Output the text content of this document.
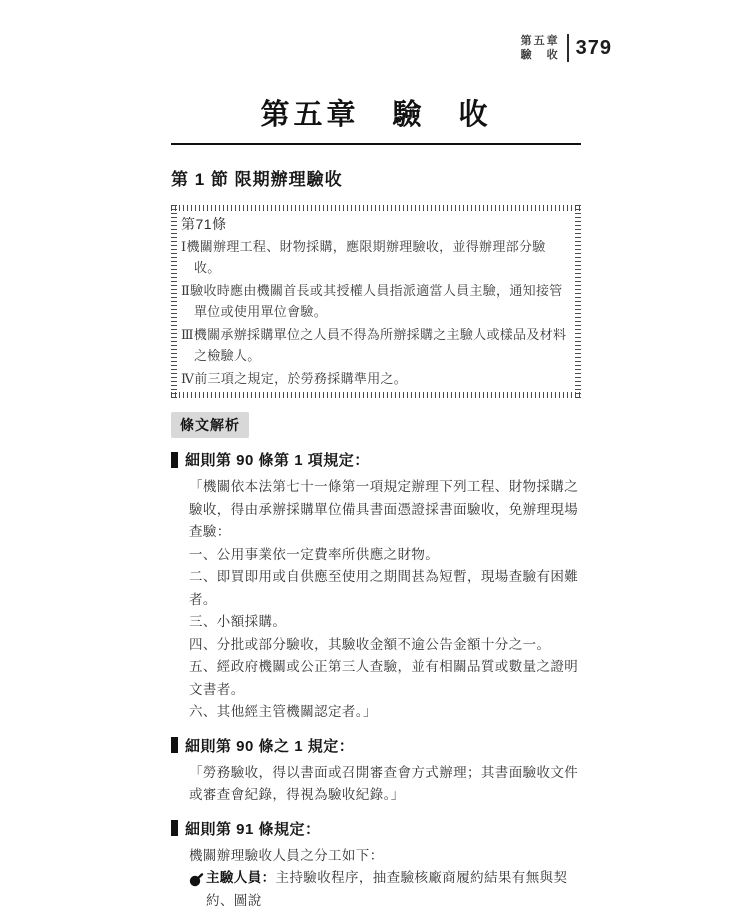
第五章
驗　收 379
第五章　驗　收
第 1 節 限期辦理驗收
第71條

Ⅰ機關辦理工程、財物採購，應限期辦理驗收，並得辦理部分驗收。

Ⅱ驗收時應由機關首長或其授權人員指派適當人員主驗，通知接管單位或使用單位會驗。

Ⅲ機關承辦採購單位之人員不得為所辦採購之主驗人或樣品及材料之檢驗人。

Ⅳ前三項之規定，於勞務採購準用之。

條文解析
細則第 90 條第 1 項規定：

「機關依本法第七十一條第一項規定辦理下列工程、財物採購之驗收，得由承辦採購單位備具書面憑證採書面驗收，免辦理現場查驗：

一、公用事業依一定費率所供應之財物。

二、即買即用或自供應至使用之期間甚為短暫，現場查驗有困難者。

三、小額採購。

四、分批或部分驗收，其驗收金額不逾公告金額十分之一。

五、經政府機關或公正第三人查驗，並有相關品質或數量之證明文書者。

六、其他經主管機關認定者。」

細則第 90 條之 1 規定：

「勞務驗收，得以書面或召開審查會方式辦理；其書面驗收文件或審查會紀錄，得視為驗收紀錄。」

細則第 91 條規定：

機關辦理驗收人員之分工如下：

主驗人員：主持驗收程序，抽查驗核廠商履約結果有無與契約、圖說
